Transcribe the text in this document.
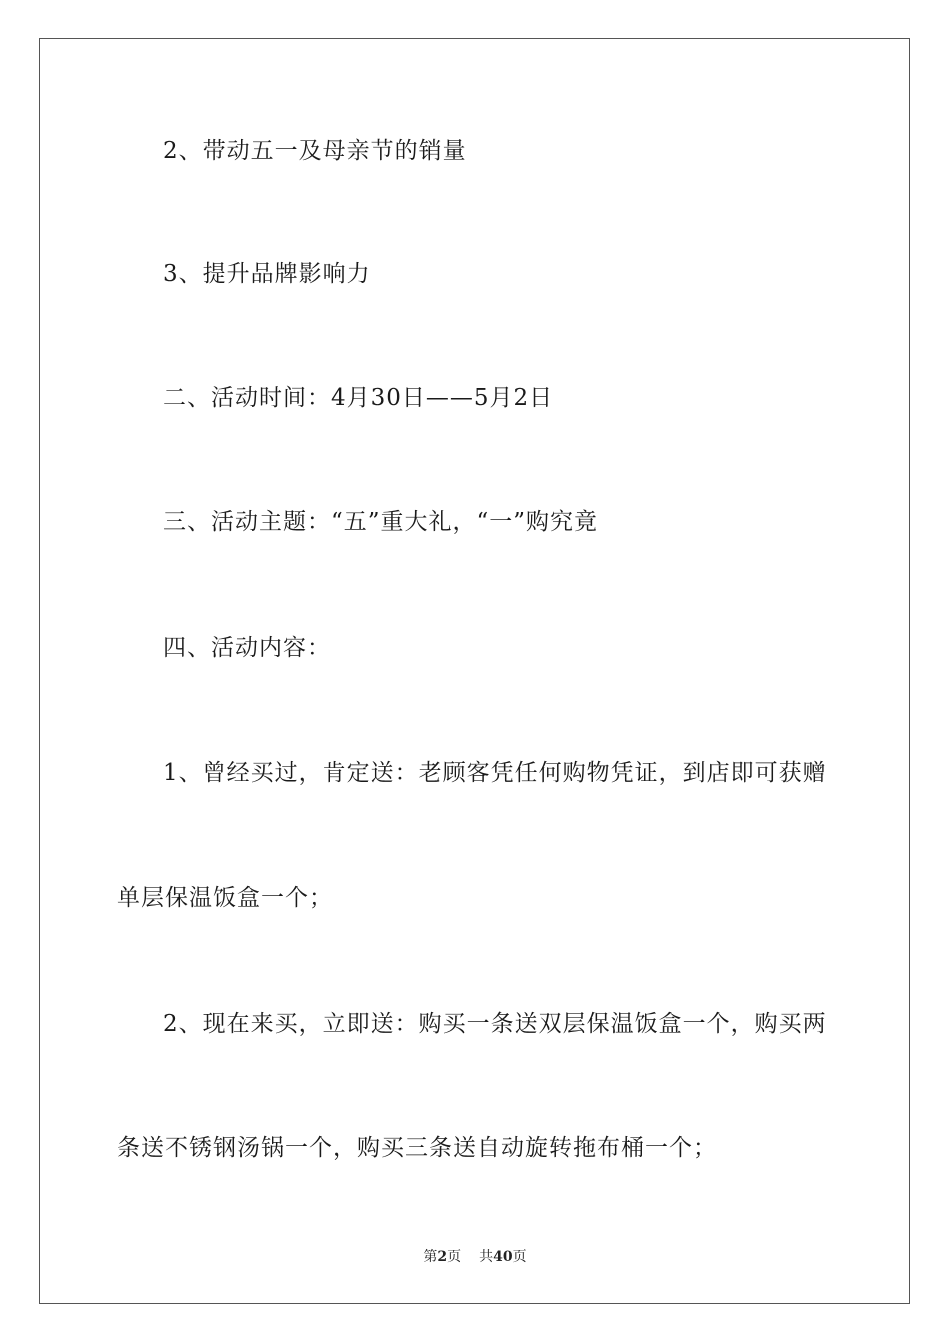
2、带动五一及母亲节的销量
3、提升品牌影响力
二、活动时间：4月30日——5月2日
三、活动主题：“五”重大礼，“一”购究竟
四、活动内容：
1、曾经买过，肯定送：老顾客凭任何购物凭证，到店即可获赠
单层保温饭盒一个；
2、现在来买，立即送：购买一条送双层保温饭盒一个，购买两
条送不锈钢汤锅一个，购买三条送自动旋转拖布桶一个；
第2页 共40页
